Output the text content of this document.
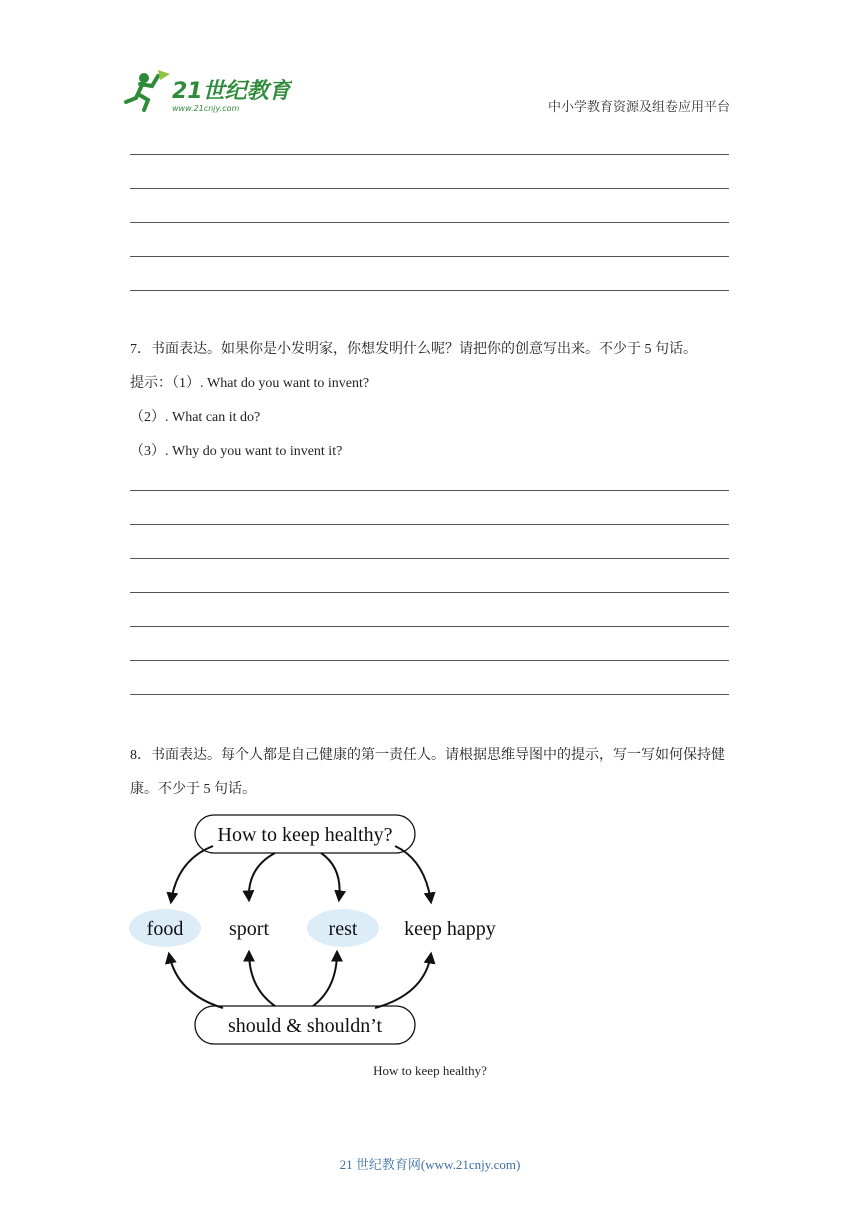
21世纪教育
www.21cnjy.com	中小学教育资源及组卷应用平台
7．书面表达。如果你是小发明家，你想发明什么呢？请把你的创意写出来。不少于 5 句话。
提示：（1）. What do you want to invent?
（2）. What can it do?
（3）. Why do you want to invent it?
8．书面表达。每个人都是自己健康的第一责任人。请根据思维导图中的提示，写一写如何保持健康。不少于 5 句话。
How to keep healthy?
food sport	rest keep happy
should & shouldn’t
How to keep healthy?
21 世纪教育网(www.21cnjy.com)
